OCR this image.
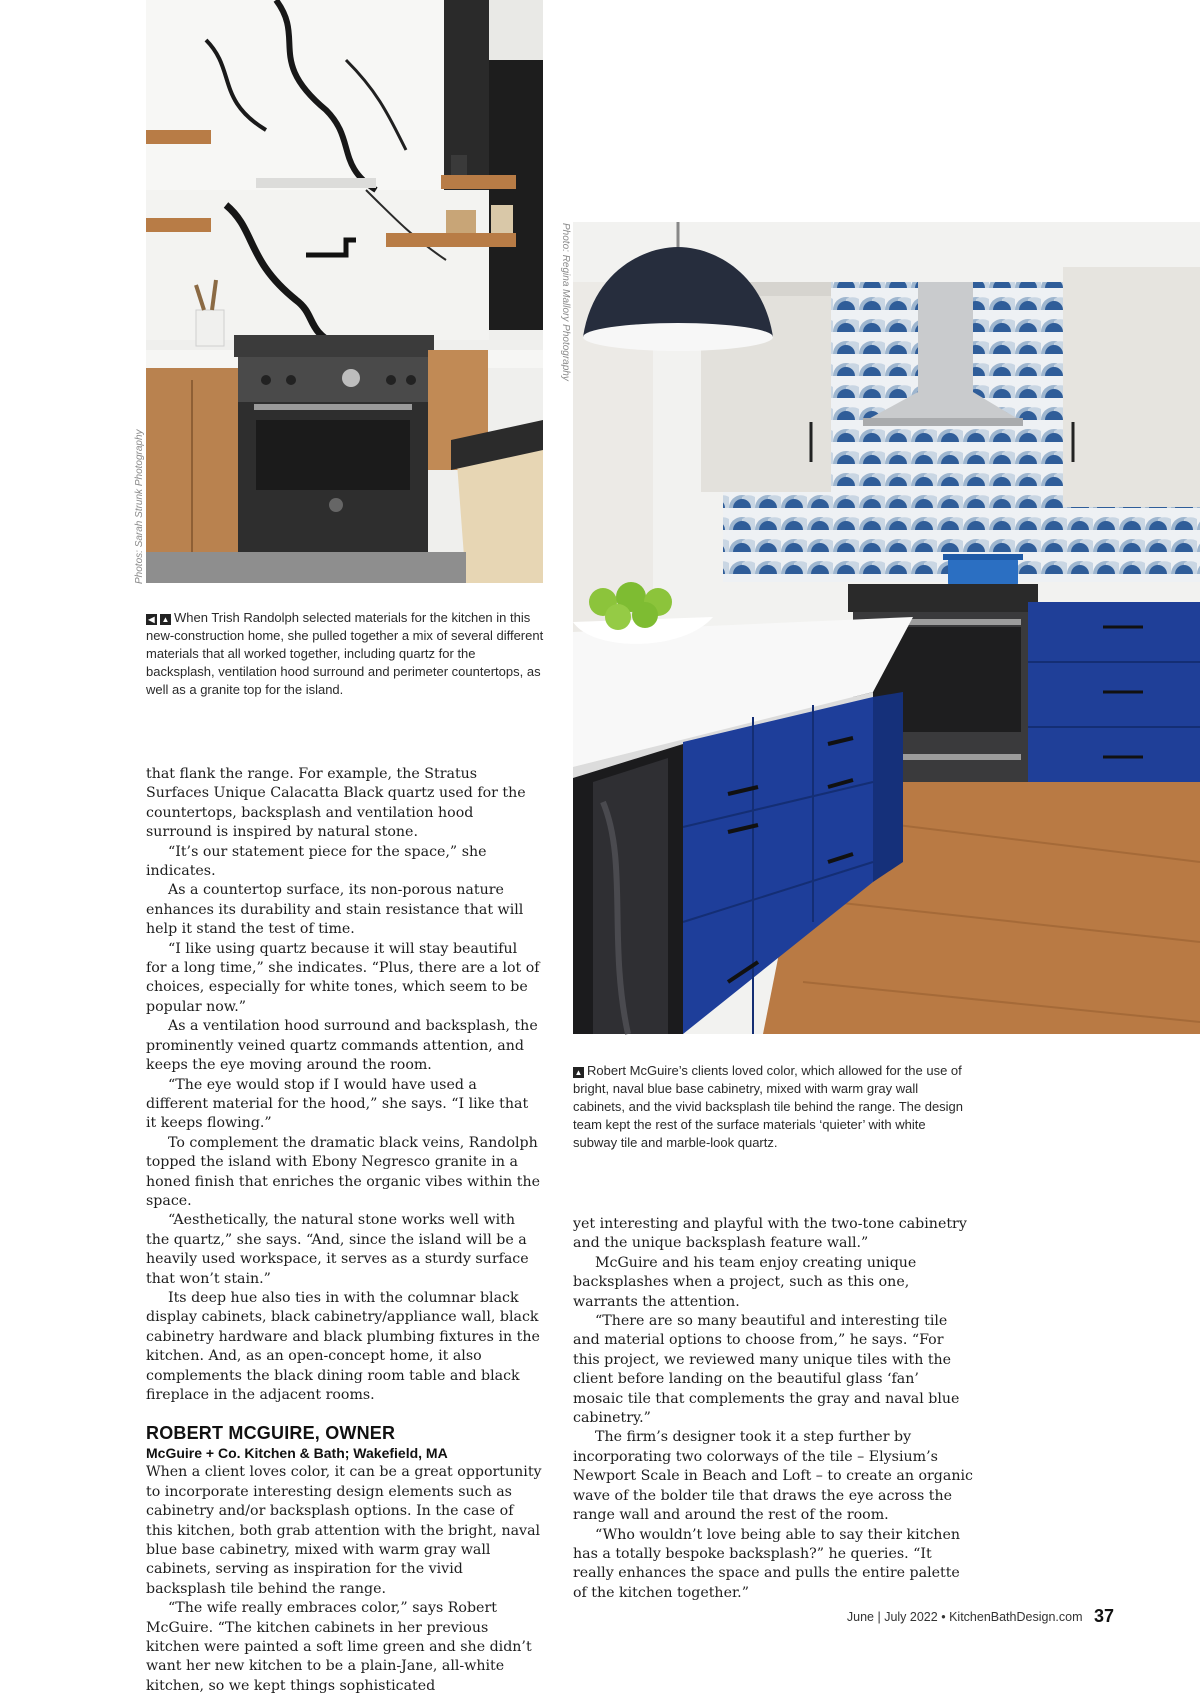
Photos: Sarah Strunk Photography
Photo: Regina Mallory Photography
◀ ▲ When Trish Randolph selected materials for the kitchen in this new-construction home, she pulled together a mix of several different materials that all worked together, including quartz for the backsplash, ventilation hood surround and perimeter countertops, as well as a granite top for the island.
▲ Robert McGuire’s clients loved color, which allowed for the use of bright, naval blue base cabinetry, mixed with warm gray wall cabinets, and the vivid backsplash tile behind the range. The design team kept the rest of the surface materials ‘quieter’ with white subway tile and marble-look quartz.

that flank the range. For example, the Stratus Surfaces Unique Calacatta Black quartz used for the countertops, backsplash and ventilation hood surround is inspired by natural stone.

“It’s our statement piece for the space,” she indicates.

As a countertop surface, its non-porous nature enhances its durability and stain resistance that will help it stand the test of time.

“I like using quartz because it will stay beautiful for a long time,” she indicates. “Plus, there are a lot of choices, especially for white tones, which seem to be popular now.”

As a ventilation hood surround and backsplash, the prominently veined quartz commands attention, and keeps the eye moving around the room.

“The eye would stop if I would have used a different material for the hood,” she says. “I like that it keeps flowing.”

To complement the dramatic black veins, Randolph topped the island with Ebony Negresco granite in a honed finish that enriches the organic vibes within the space.

“Aesthetically, the natural stone works well with the quartz,” she says. “And, since the island will be a heavily used workspace, it serves as a sturdy surface that won’t stain.”

Its deep hue also ties in with the columnar black display cabinets, black cabinetry/appliance wall, black cabinetry hardware and black plumbing fixtures in the kitchen. And, as an open-concept home, it also complements the black dining room table and black fireplace in the adjacent rooms.

ROBERT MCGUIRE, OWNER
McGuire + Co. Kitchen & Bath; Wakefield, MA

When a client loves color, it can be a great opportunity to incorporate interesting design elements such as cabinetry and/or backsplash options. In the case of this kitchen, both grab attention with the bright, naval blue base cabinetry, mixed with warm gray wall cabinets, serving as inspiration for the vivid backsplash tile behind the range.

“The wife really embraces color,” says Robert McGuire. “The kitchen cabinets in her previous kitchen were painted a soft lime green and she didn’t want her new kitchen to be a plain-Jane, all-white kitchen, so we kept things sophisticated

yet interesting and playful with the two-tone cabinetry and the unique backsplash feature wall.”

McGuire and his team enjoy creating unique backsplashes when a project, such as this one, warrants the attention.

“There are so many beautiful and interesting tile and material options to choose from,” he says. “For this project, we reviewed many unique tiles with the client before landing on the beautiful glass ‘fan’ mosaic tile that complements the gray and naval blue cabinetry.”

The firm’s designer took it a step further by incorporating two colorways of the tile – Elysium’s Newport Scale in Beach and Loft – to create an organic wave of the bolder tile that draws the eye across the range wall and around the rest of the room.

“Who wouldn’t love being able to say their kitchen has a totally bespoke backsplash?” he queries. “It really enhances the space and pulls the entire palette of the kitchen together.”

June | July 2022 • KitchenBathDesign.com 37
